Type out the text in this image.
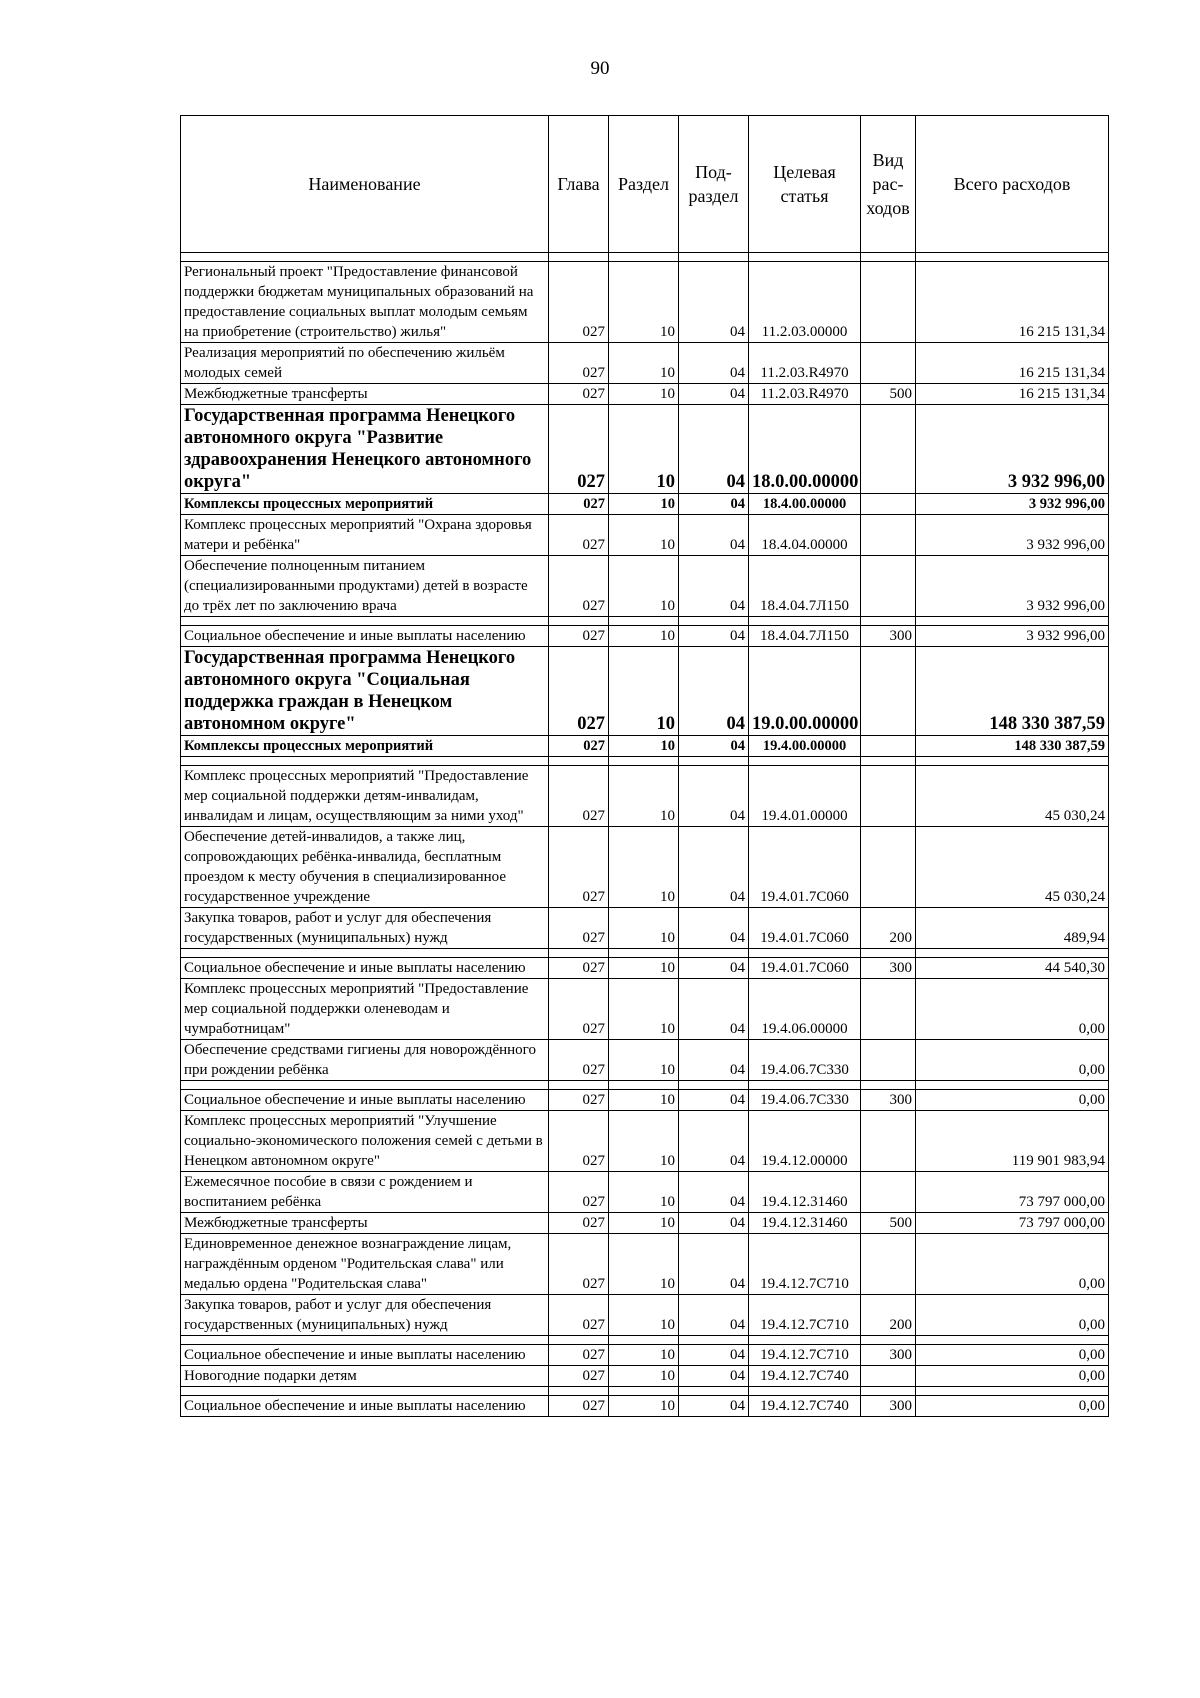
90
Наименование	Глава	Раздел	Под- раздел	Целевая статья	Вид рас- ходов	Всего расходов

Региональный проект "Предоставление финансовой поддержки бюджетам муниципальных образований на предоставление социальных выплат молодым семьям на приобретение (строительство) жилья"	027	10	04	11.2.03.00000		16 215 131,34
Реализация мероприятий по обеспечению жильём молодых семей	027	10	04	11.2.03.R4970		16 215 131,34
Межбюджетные трансферты	027	10	04	11.2.03.R4970	500	16 215 131,34
Государственная программа Ненецкого автономного округа "Развитие здравоохранения Ненецкого автономного округа"	027	10	04	18.0.00.00000		3 932 996,00
Комплексы процессных мероприятий	027	10	04	18.4.00.00000		3 932 996,00
Комплекс процессных мероприятий "Охрана здоровья матери и ребёнка"	027	10	04	18.4.04.00000		3 932 996,00
Обеспечение полноценным питанием (специализированными продуктами) детей в возрасте до трёх лет по заключению врача	027	10	04	18.4.04.7Л150		3 932 996,00

Социальное обеспечение и иные выплаты населению	027	10	04	18.4.04.7Л150	300	3 932 996,00
Государственная программа Ненецкого автономного округа "Социальная поддержка граждан в Ненецком автономном округе"	027	10	04	19.0.00.00000		148 330 387,59
Комплексы процессных мероприятий	027	10	04	19.4.00.00000		148 330 387,59

Комплекс процессных мероприятий "Предоставление мер социальной поддержки детям-инвалидам, инвалидам и лицам, осуществляющим за ними уход"	027	10	04	19.4.01.00000		45 030,24
Обеспечение детей-инвалидов, а также лиц, сопровождающих ребёнка-инвалида, бесплатным проездом к месту обучения в специализированное государственное учреждение	027	10	04	19.4.01.7С060		45 030,24
Закупка товаров, работ и услуг для обеспечения государственных (муниципальных) нужд	027	10	04	19.4.01.7С060	200	489,94

Социальное обеспечение и иные выплаты населению	027	10	04	19.4.01.7С060	300	44 540,30
Комплекс процессных мероприятий "Предоставление мер социальной поддержки оленеводам и чумработницам"	027	10	04	19.4.06.00000		0,00
Обеспечение средствами гигиены для новорождённого при рождении ребёнка	027	10	04	19.4.06.7С330		0,00

Социальное обеспечение и иные выплаты населению	027	10	04	19.4.06.7С330	300	0,00
Комплекс процессных мероприятий "Улучшение социально-экономического положения семей с детьми в Ненецком автономном округе"	027	10	04	19.4.12.00000		119 901 983,94
Ежемесячное пособие в связи с рождением и воспитанием ребёнка	027	10	04	19.4.12.31460		73 797 000,00
Межбюджетные трансферты	027	10	04	19.4.12.31460	500	73 797 000,00
Единовременное денежное вознаграждение лицам, награждённым орденом "Родительская слава" или медалью ордена "Родительская слава"	027	10	04	19.4.12.7С710		0,00
Закупка товаров, работ и услуг для обеспечения государственных (муниципальных) нужд	027	10	04	19.4.12.7С710	200	0,00

Социальное обеспечение и иные выплаты населению	027	10	04	19.4.12.7С710	300	0,00
Новогодние подарки детям	027	10	04	19.4.12.7С740		0,00

Социальное обеспечение и иные выплаты населению	027	10	04	19.4.12.7С740	300	0,00
